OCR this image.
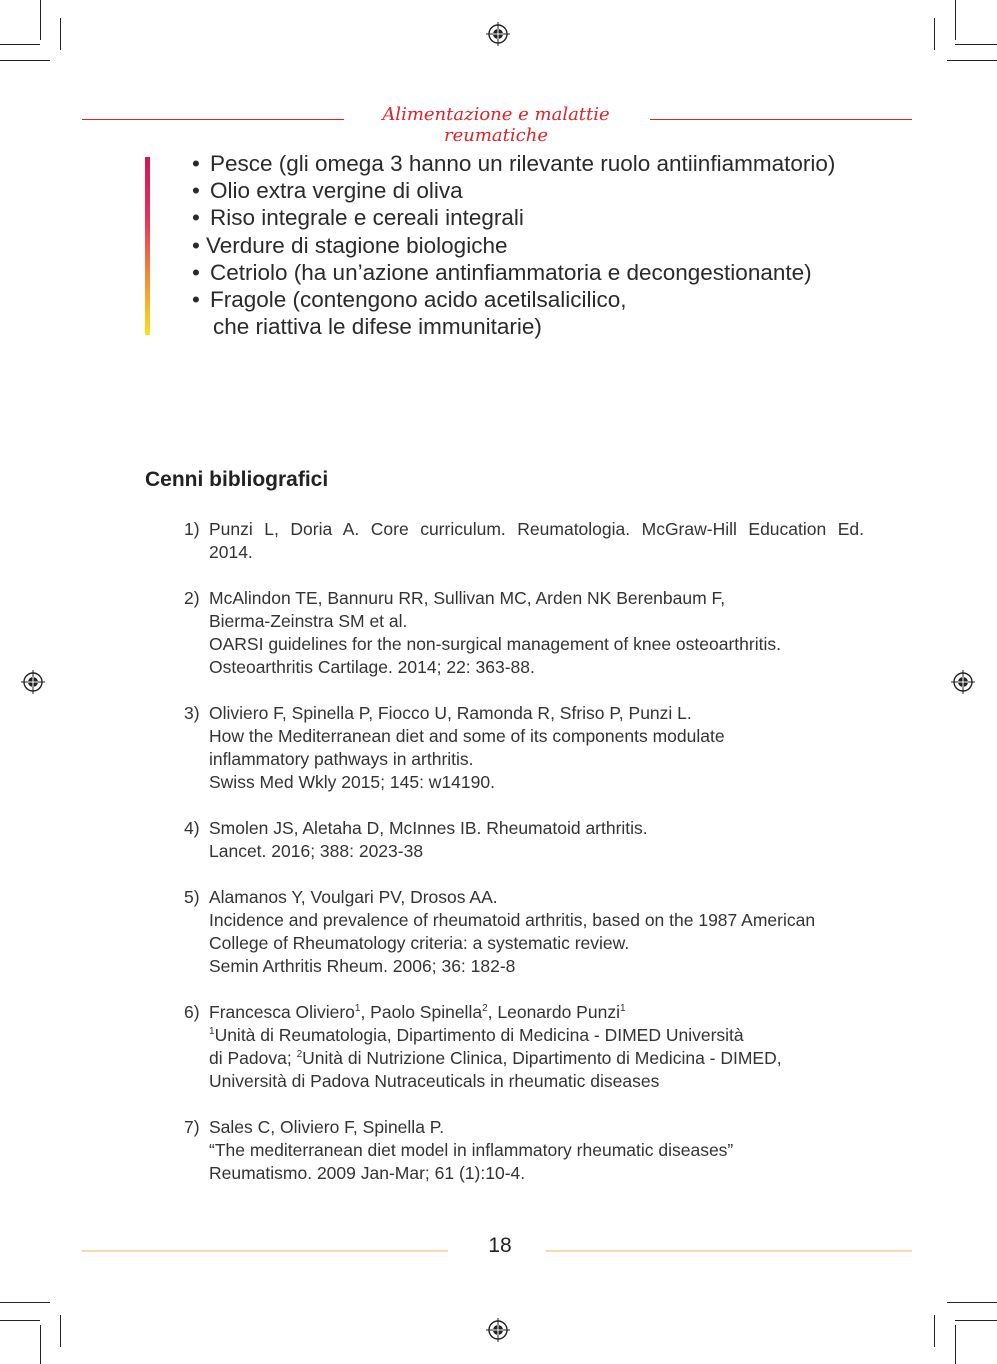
Alimentazione e malattie reumatiche
• Pesce (gli omega 3 hanno un rilevante ruolo antiinfiammatorio)
• Olio extra vergine di oliva
• Riso integrale e cereali integrali
• Verdure di stagione biologiche
• Cetriolo (ha un’azione antinfiammatoria e decongestionante)
• Fragole (contengono acido acetilsalicilico,
che riattiva le difese immunitarie)
Cenni bibliografici
1) Punzi L, Doria A. Core curriculum. Reumatologia. McGraw-Hill Education Ed.
2014.
2) McAlindon TE, Bannuru RR, Sullivan MC, Arden NK Berenbaum F,
Bierma-Zeinstra SM et al.
OARSI guidelines for the non-surgical management of knee osteoarthritis.
Osteoarthritis Cartilage. 2014; 22: 363-88.
3) Oliviero F, Spinella P, Fiocco U, Ramonda R, Sfriso P, Punzi L.
How the Mediterranean diet and some of its components modulate
inflammatory pathways in arthritis.
Swiss Med Wkly 2015; 145: w14190.
4) Smolen JS, Aletaha D, McInnes IB. Rheumatoid arthritis.
Lancet. 2016; 388: 2023-38
5) Alamanos Y, Voulgari PV, Drosos AA.
Incidence and prevalence of rheumatoid arthritis, based on the 1987 American
College of Rheumatology criteria: a systematic review.
Semin Arthritis Rheum. 2006; 36: 182-8
6) Francesca Oliviero$^1$, Paolo Spinella$^2$, Leonardo Punzi$^1$
$^1$Unità di Reumatologia, Dipartimento di Medicina - DIMED Università
di Padova; $^2$Unità di Nutrizione Clinica, Dipartimento di Medicina - DIMED,
Università di Padova Nutraceuticals in rheumatic diseases
7) Sales C, Oliviero F, Spinella P.
“The mediterranean diet model in inflammatory rheumatic diseases”
Reumatismo. 2009 Jan-Mar; 61 (1):10-4.
18
